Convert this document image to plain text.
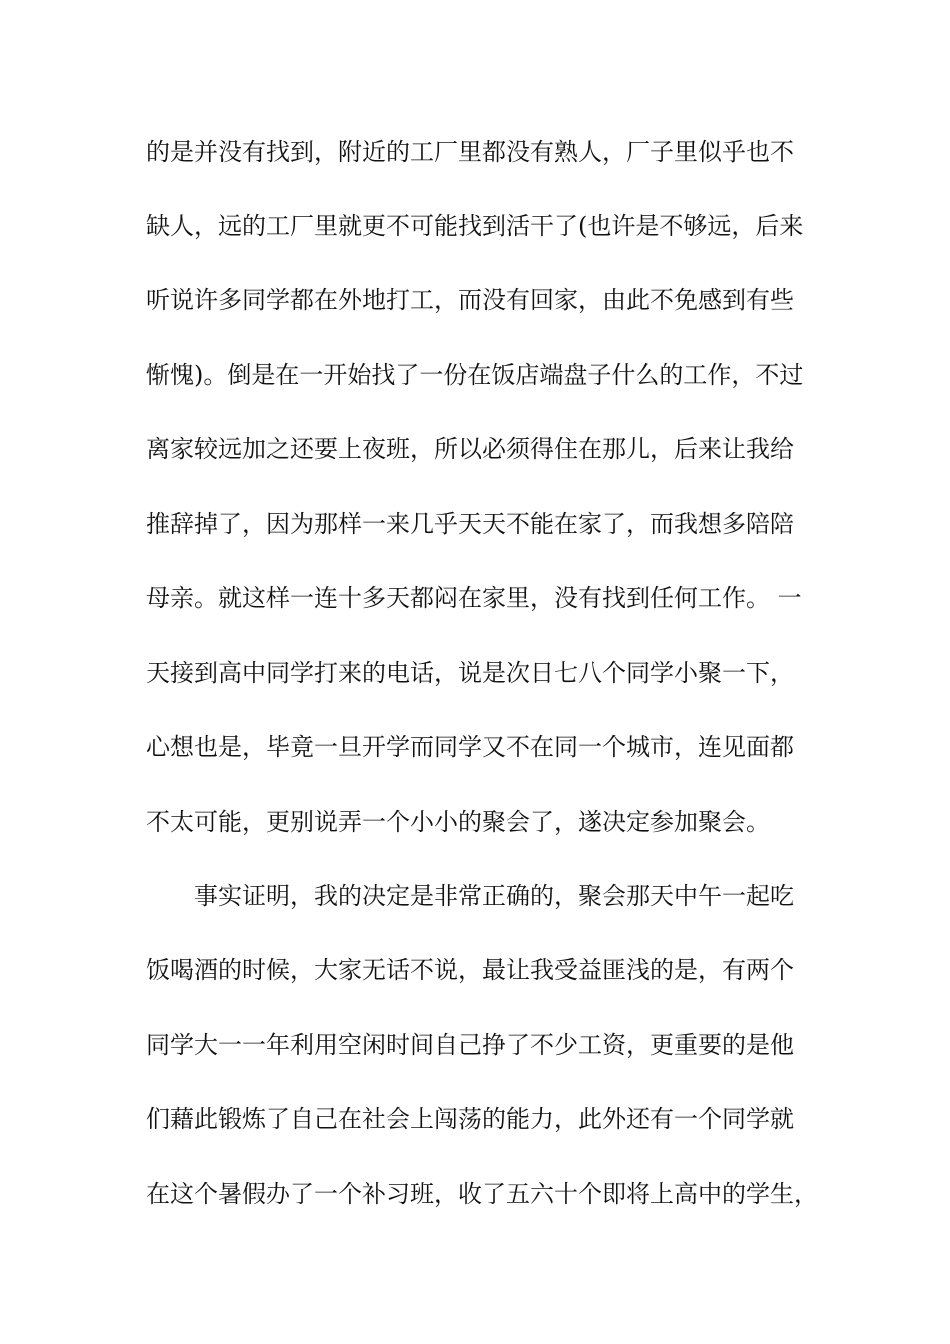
的是并没有找到，附近的工厂里都没有熟人，厂子里似乎也不
缺人，远的工厂里就更不可能找到活干了(也许是不够远，后来
听说许多同学都在外地打工，而没有回家，由此不免感到有些
惭愧)。倒是在一开始找了一份在饭店端盘子什么的工作，不过
离家较远加之还要上夜班，所以必须得住在那儿，后来让我给
推辞掉了，因为那样一来几乎天天不能在家了，而我想多陪陪
母亲。就这样一连十多天都闷在家里，没有找到任何工作。 一
天接到高中同学打来的电话，说是次日七八个同学小聚一下，
心想也是，毕竟一旦开学而同学又不在同一个城市，连见面都
不太可能，更别说弄一个小小的聚会了，遂决定参加聚会。
事实证明，我的决定是非常正确的，聚会那天中午一起吃
饭喝酒的时候，大家无话不说，最让我受益匪浅的是，有两个
同学大一一年利用空闲时间自己挣了不少工资，更重要的是他
们藉此锻炼了自己在社会上闯荡的能力，此外还有一个同学就
在这个暑假办了一个补习班，收了五六十个即将上高中的学生，
